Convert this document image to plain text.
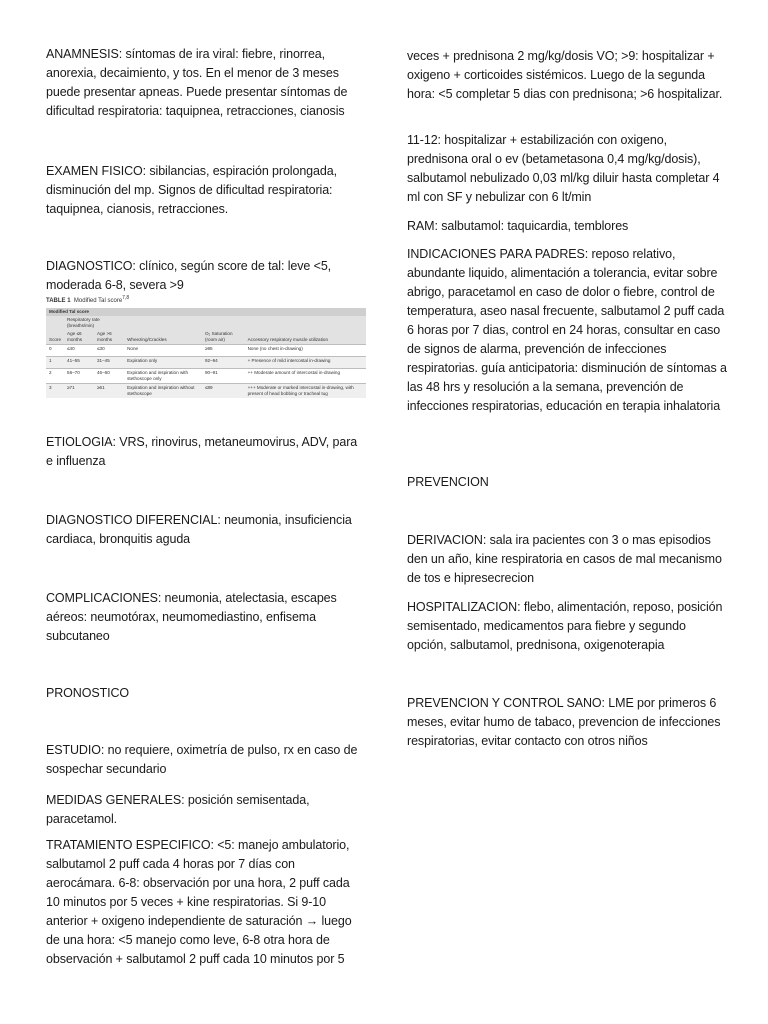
ANAMNESIS: síntomas de ira viral: fiebre, rinorrea, anorexia, decaimiento, y tos. En el menor de 3 meses puede presentar apneas. Puede presentar síntomas de dificultad respiratoria: taquipnea, retracciones, cianosis
EXAMEN FISICO: sibilancias, espiración prolongada, disminución del mp. Signos de dificultad respiratoria: taquipnea, cianosis, retracciones.
DIAGNOSTICO: clínico, según score de tal: leve <5, moderada 6-8, severa >9
TABLE 1 Modified Tal score$^{7,8}$
Modified Tal score					
	Respiratory rate (breaths/min)				
Score	Age ≤6 months	Age >6 months	Wheezing/Crackles	O₂ Saturation (room air)	Accessory respiratory muscle utilization
0	≤40	≤30	None	≥95	None (no chest in-drawing)
1	41–55	31–45	Expiration only	92–94	+ Presence of mild intercostal in-drawing
2	56–70	46–60	Expiration and inspiration with stethoscope only	90–91	++ Moderate amount of intercostal in-drawing
3	≥71	≥61	Expiration and inspiration without stethoscope	≤89	+++ Moderate or marked intercostal in-drawing, with present of head bobbing or tracheal tug
ETIOLOGIA: VRS, rinovirus, metaneumovirus, ADV, para e influenza
DIAGNOSTICO DIFERENCIAL: neumonia, insuficiencia cardiaca, bronquitis aguda
COMPLICACIONES: neumonia, atelectasia, escapes aéreos: neumotórax, neumomediastino, enfisema subcutaneo
PRONOSTICO
ESTUDIO: no requiere, oximetría de pulso, rx en caso de sospechar secundario
MEDIDAS GENERALES: posición semisentada, paracetamol.
TRATAMIENTO ESPECIFICO: <5: manejo ambulatorio, salbutamol 2 puff cada 4 horas por 7 días con aerocámara. 6-8: observación por una hora, 2 puff cada 10 minutos por 5 veces + kine respiratorias. Si 9-10 anterior + oxigeno independiente de saturación → luego de una hora: <5 manejo como leve, 6-8 otra hora de observación + salbutamol 2 puff cada 10 minutos por 5
veces + prednisona 2 mg/kg/dosis VO; >9: hospitalizar + oxigeno + corticoides sistémicos. Luego de la segunda hora: <5 completar 5 dias con prednisona; >6 hospitalizar.
11-12: hospitalizar + estabilización con oxigeno, prednisona oral o ev (betametasona 0,4 mg/kg/dosis), salbutamol nebulizado 0,03 ml/kg diluir hasta completar 4 ml con SF y nebulizar con 6 lt/min
RAM: salbutamol: taquicardia, temblores
INDICACIONES PARA PADRES: reposo relativo, abundante liquido, alimentación a tolerancia, evitar sobre abrigo, paracetamol en caso de dolor o fiebre, control de temperatura, aseo nasal frecuente, salbutamol 2 puff cada 6 horas por 7 dias, control en 24 horas, consultar en caso de signos de alarma, prevención de infecciones respiratorias. guía anticipatoria: disminución de síntomas a las 48 hrs y resolución a la semana, prevención de infecciones respiratorias, educación en terapia inhalatoria
PREVENCION
DERIVACION: sala ira pacientes con 3 o mas episodios den un año, kine respiratoria en casos de mal mecanismo de tos e hipresecrecion
HOSPITALIZACION: flebo, alimentación, reposo, posición semisentado, medicamentos para fiebre y segundo opción, salbutamol, prednisona, oxigenoterapia
PREVENCION Y CONTROL SANO: LME por primeros 6 meses, evitar humo de tabaco, prevencion de infecciones respiratorias, evitar contacto con otros niños
